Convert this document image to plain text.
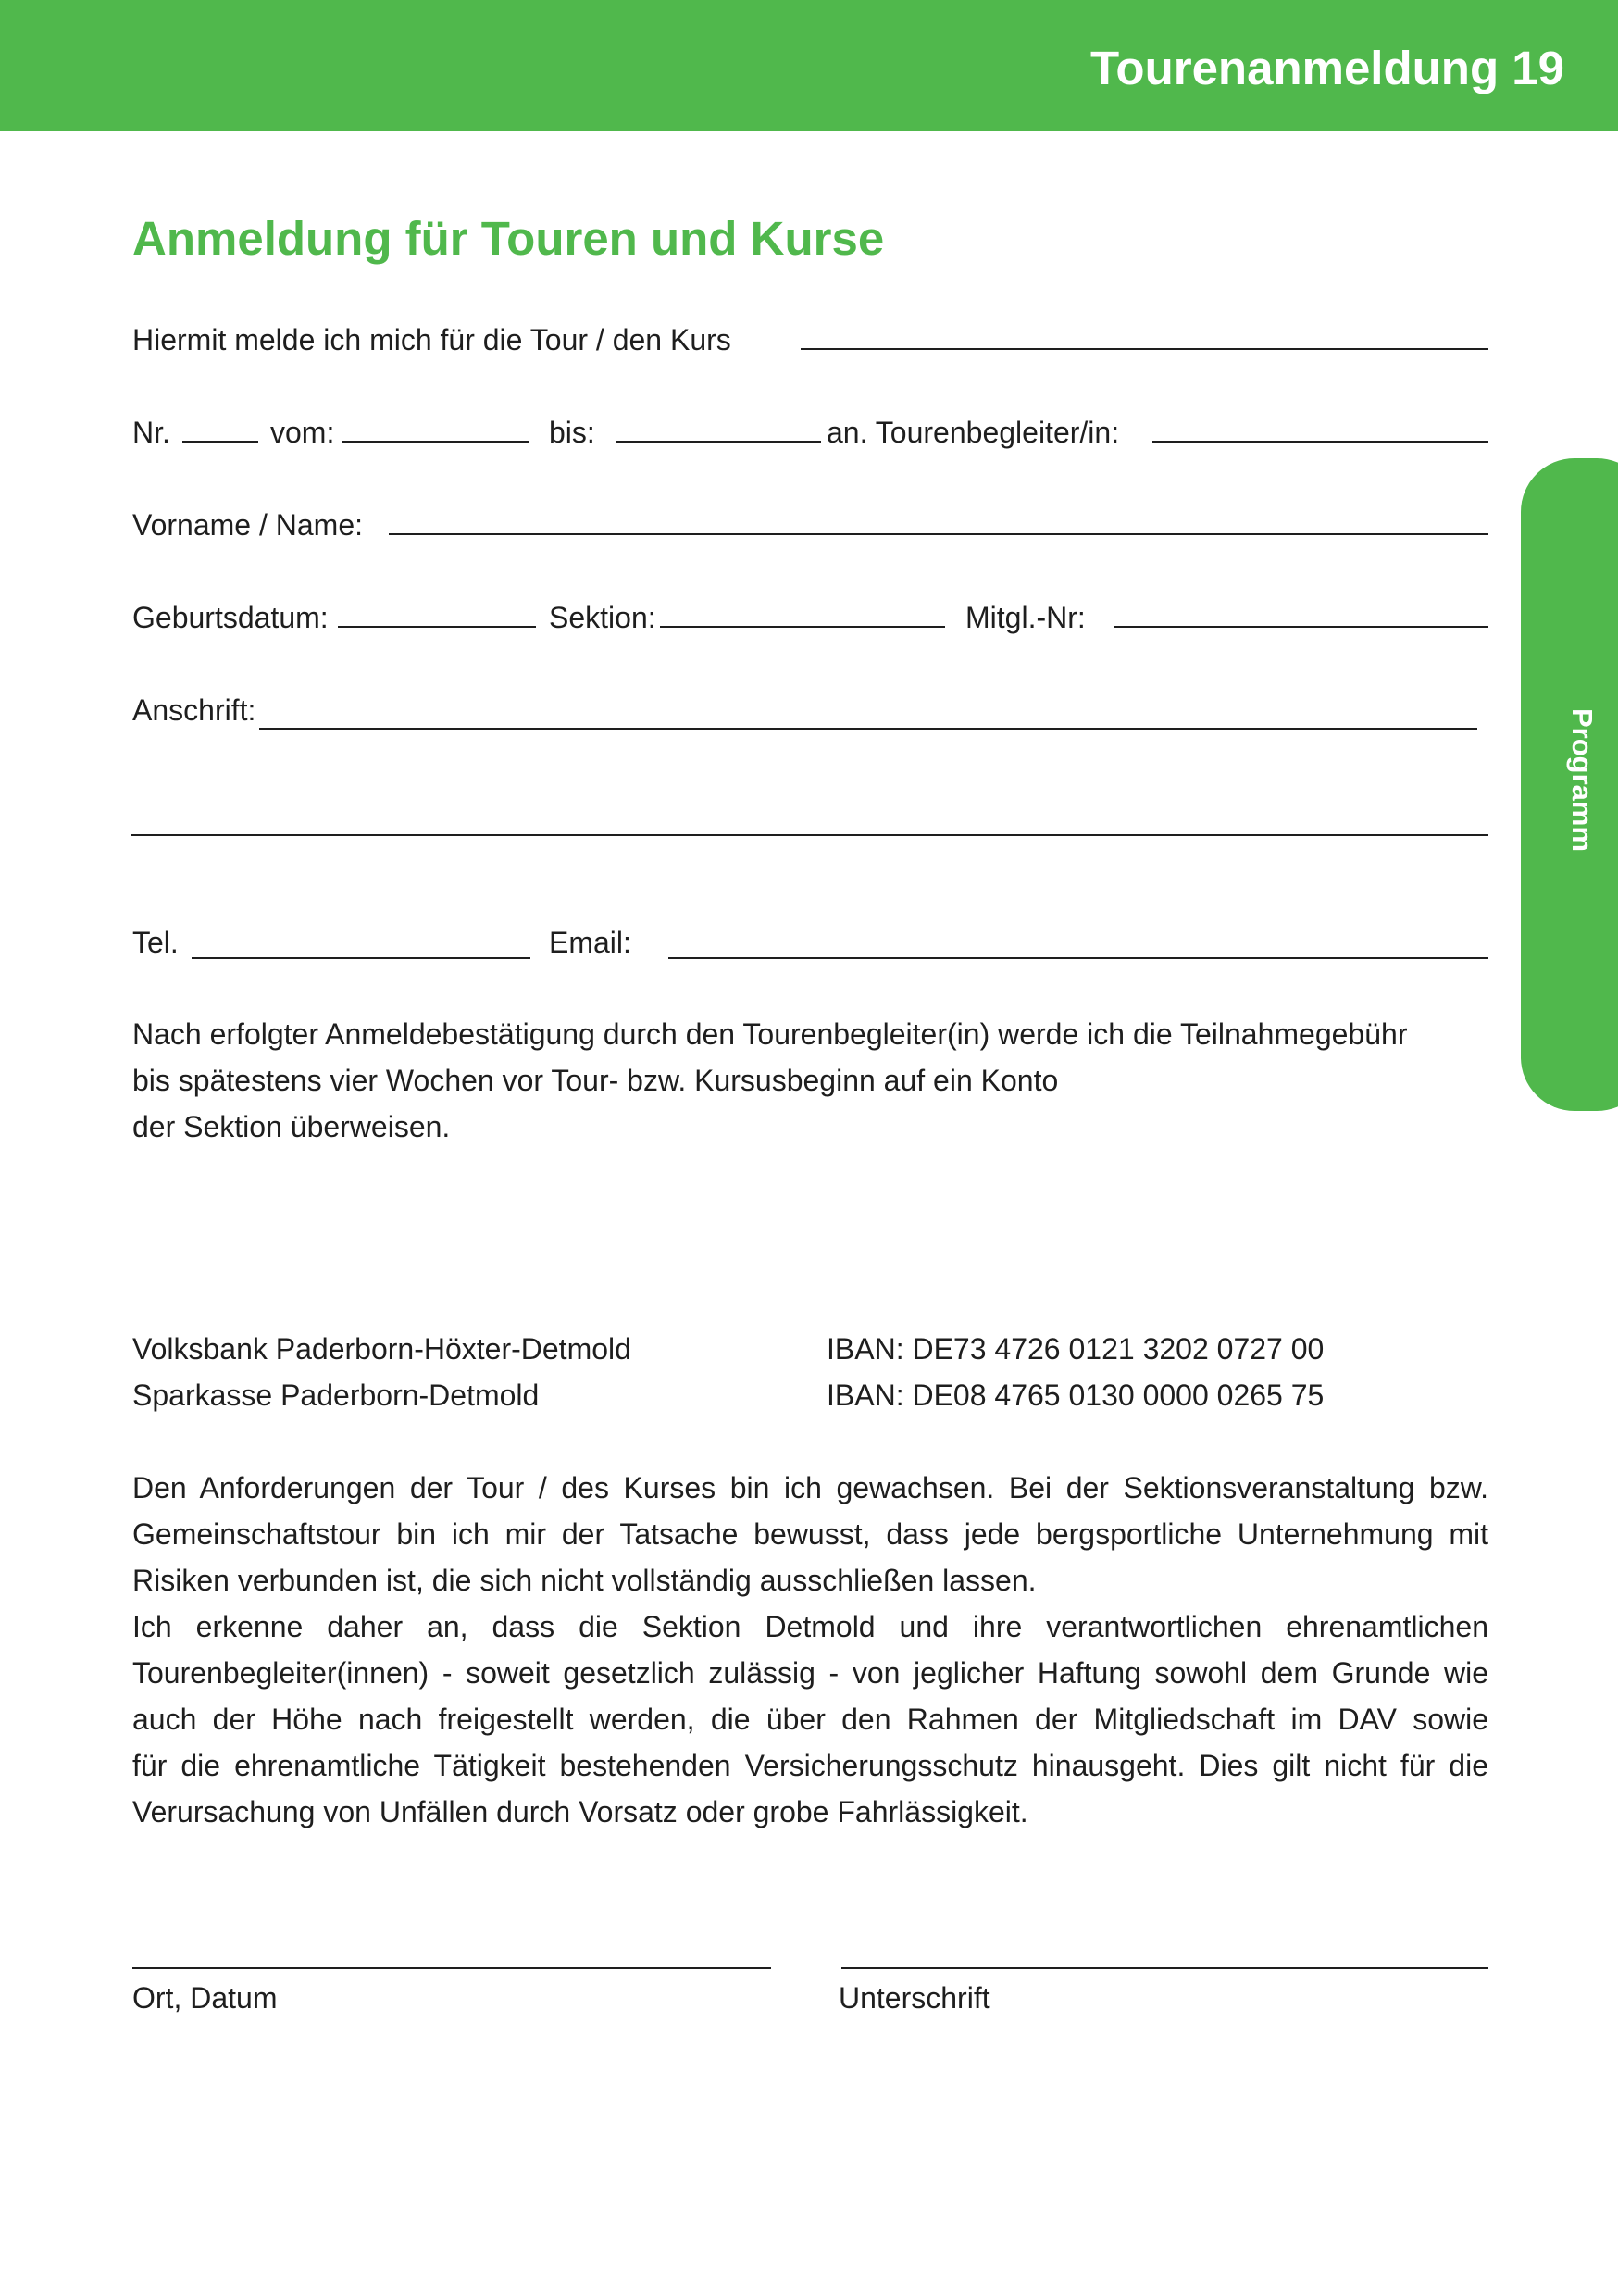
Tourenanmeldung 19
Programm
Anmeldung für Touren und Kurse
Hiermit melde ich mich für die Tour / den Kurs
Nr.	vom:	bis:	an. Tourenbegleiter/in:
Vorname / Name:
Geburtsdatum:	Sektion:	Mitgl.-Nr:
Anschrift:
Tel.	Email:
Nach erfolgter Anmeldebestätigung durch den Tourenbegleiter(in) werde ich die Teilnahmegebühr
bis spätestens vier Wochen vor Tour- bzw. Kursusbeginn auf ein Konto
der Sektion überweisen.
Volksbank Paderborn-Höxter-Detmold	IBAN: DE73 4726 0121 3202 0727 00
Sparkasse Paderborn-Detmold	IBAN: DE08 4765 0130 0000 0265 75
Den Anforderungen der Tour / des Kurses bin ich gewachsen. Bei der Sektionsveranstaltung bzw.
Gemeinschaftstour bin ich mir der Tatsache bewusst, dass jede bergsportliche Unternehmung mit
Risiken verbunden ist, die sich nicht vollständig ausschließen lassen.
Ich erkenne daher an, dass die Sektion Detmold und ihre verantwortlichen ehrenamtlichen
Tourenbegleiter(innen) - soweit gesetzlich zulässig - von jeglicher Haftung sowohl dem Grunde wie
auch der Höhe nach freigestellt werden, die über den Rahmen der Mitgliedschaft im DAV sowie
für die ehrenamtliche Tätigkeit bestehenden Versicherungsschutz hinausgeht. Dies gilt nicht für die
Verursachung von Unfällen durch Vorsatz oder grobe Fahrlässigkeit.
Ort, Datum	Unterschrift
